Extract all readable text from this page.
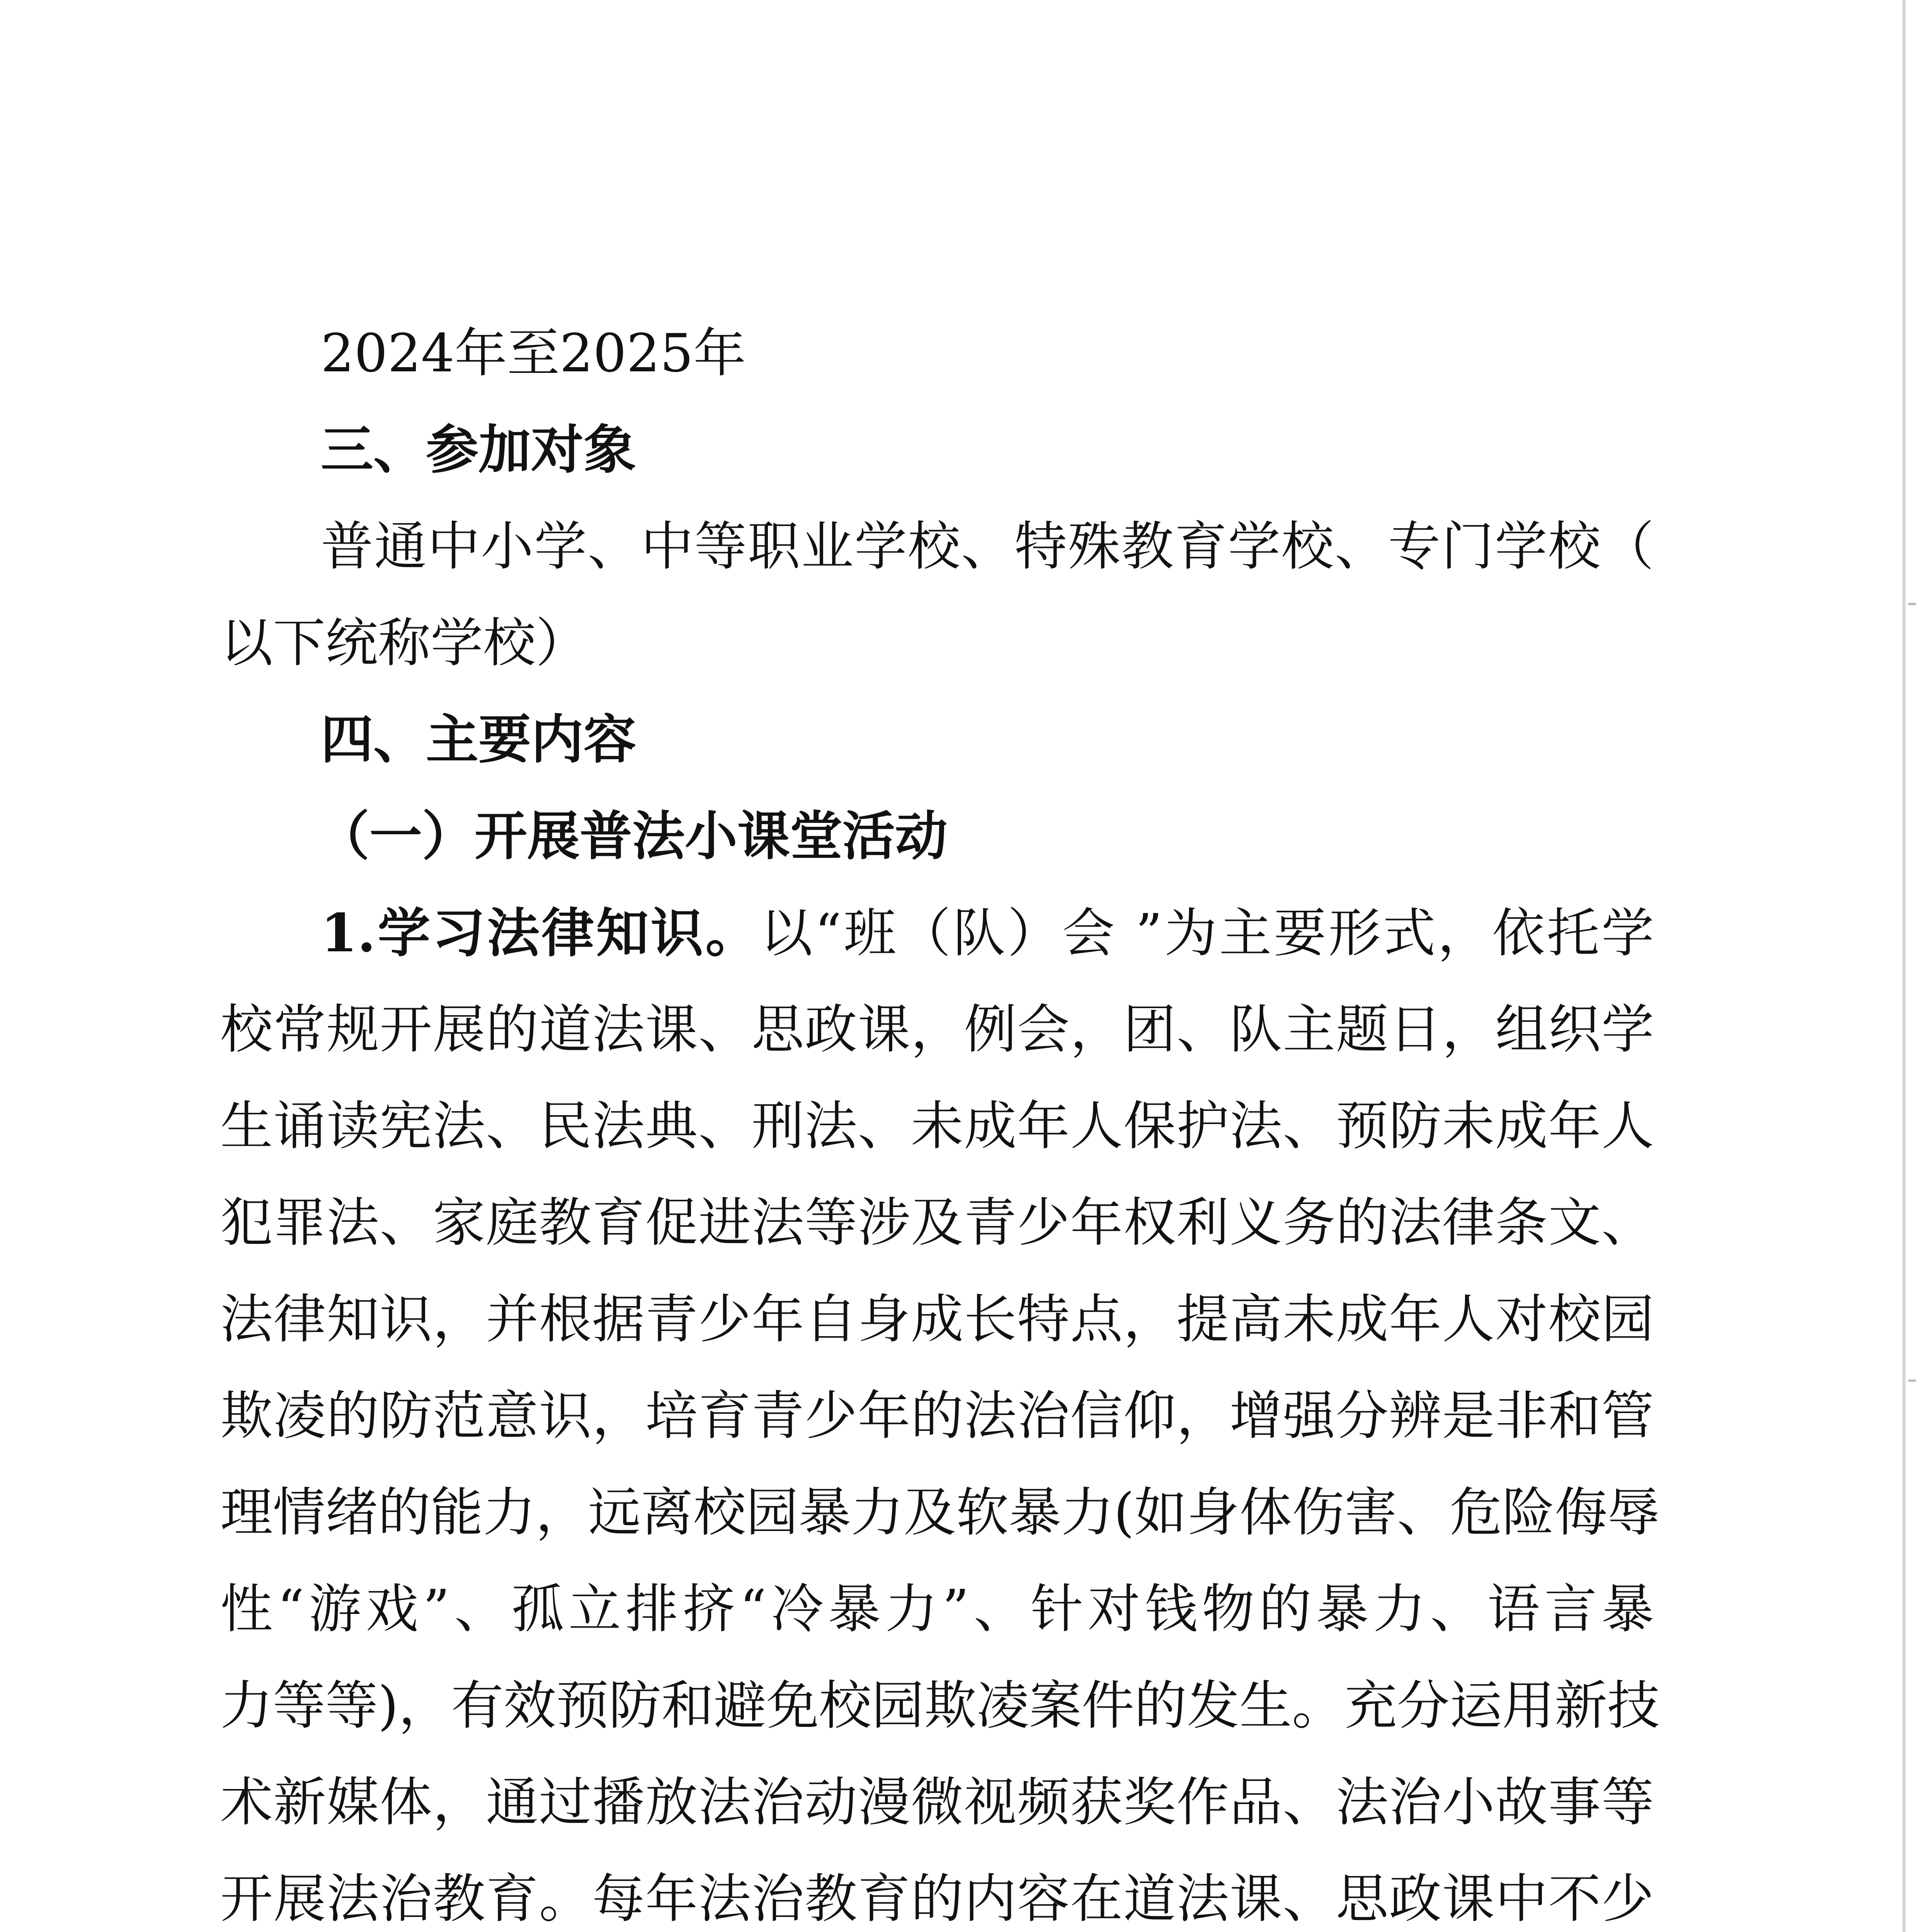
2024年至2025年
三、参加对象
普通中小学、中等职业学校、特殊教育学校、专门学校（
以下统称学校）
四、主要内容
（一）开展普法小课堂活动
1.学习法律知识。以“班（队）会 ”为主要形式，依托学
校常规开展的道法课、思政课，例会，团、队主题日，组织学
生诵读宪法、民法典、刑法、未成年人保护法、预防未成年人
犯罪法、家庭教育促进法等涉及青少年权利义务的法律条文、
法律知识，并根据青少年自身成长特点，提高未成年人对校园
欺凌的防范意识，培育青少年的法治信仰，增强分辨是非和管
理情绪的能力，远离校园暴力及软暴力(如身体伤害、危险侮辱
性“游戏”、孤立排挤“冷暴力”、针对钱物的暴力、语言暴
力等等)，有效预防和避免校园欺凌案件的发生。充分运用新技
术新媒体，通过播放法治动漫微视频获奖作品、法治小故事等
开展法治教育。每年法治教育的内容在道法课、思政课中不少
